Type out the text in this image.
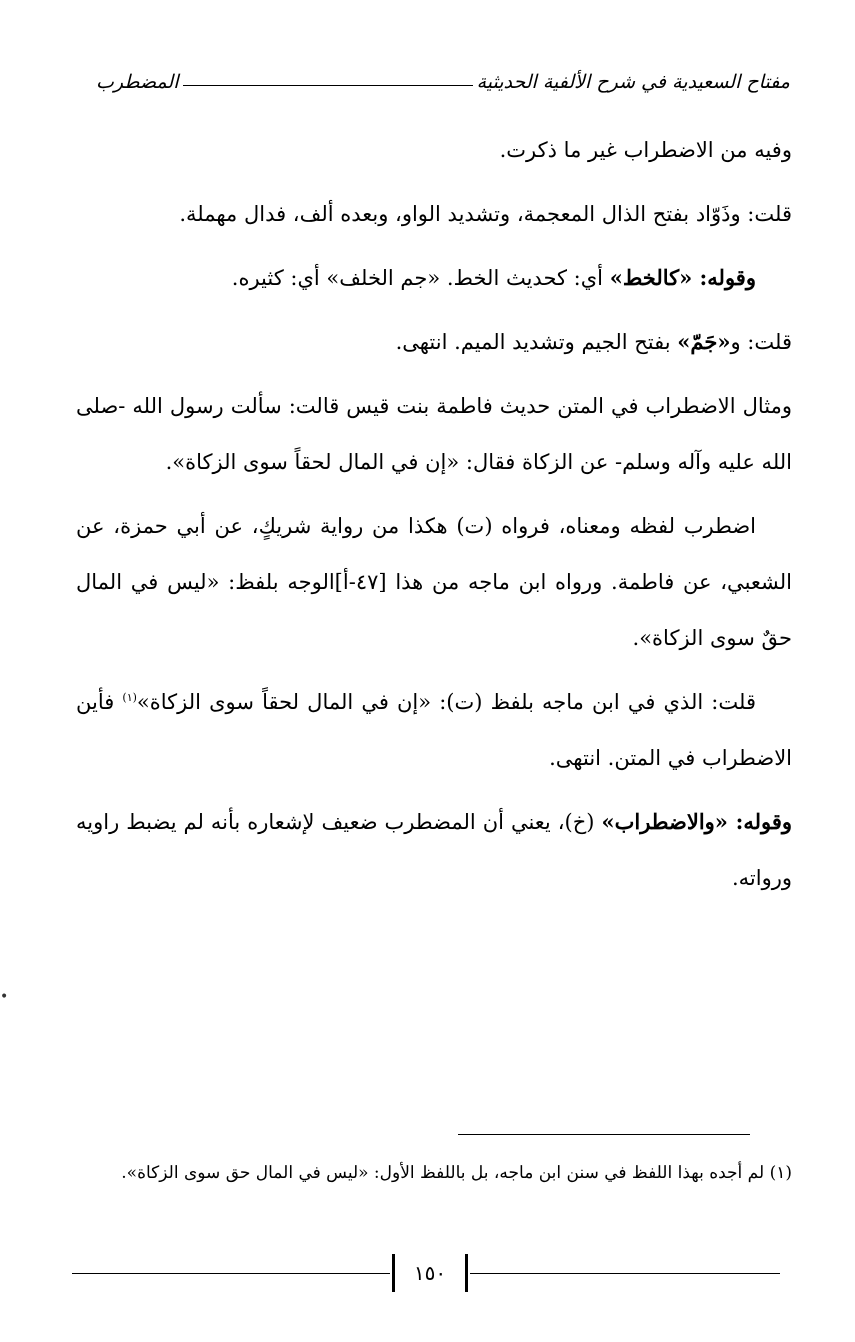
مفتاح السعيدية في شرح الألفية الحديثية
المضطرب

وفيه من الاضطراب غير ما ذكرت.

قلت: وذَوّاد بفتح الذال المعجمة، وتشديد الواو، وبعده ألف، فدال مهملة.

وقوله: «كالخط» أي: كحديث الخط. «جم الخلف» أي: كثيره.

قلت: و«جَمّ» بفتح الجيم وتشديد الميم. انتهى.

ومثال الاضطراب في المتن حديث فاطمة بنت قيس قالت: سألت رسول الله -صلى الله عليه وآله وسلم- عن الزكاة فقال: «إن في المال لحقاً سوى الزكاة».

اضطرب لفظه ومعناه، فرواه (ت) هكذا من رواية شريكٍ، عن أبي حمزة، عن الشعبي، عن فاطمة. ورواه ابن ماجه من هذا [٤٧-أ]الوجه بلفظ: «ليس في المال حقٌ سوى الزكاة».

قلت: الذي في ابن ماجه بلفظ (ت): «إن في المال لحقاً سوى الزكاة»$^{(١)}$ فأين الاضطراب في المتن. انتهى.

وقوله: «والاضطراب» (خ)، يعني أن المضطرب ضعيف لإشعاره بأنه لم يضبط راويه ورواته.

(١) لم أجده بهذا اللفظ في سنن ابن ماجه، بل باللفظ الأول: «ليس في المال حق سوى الزكاة».

١٥٠
•
